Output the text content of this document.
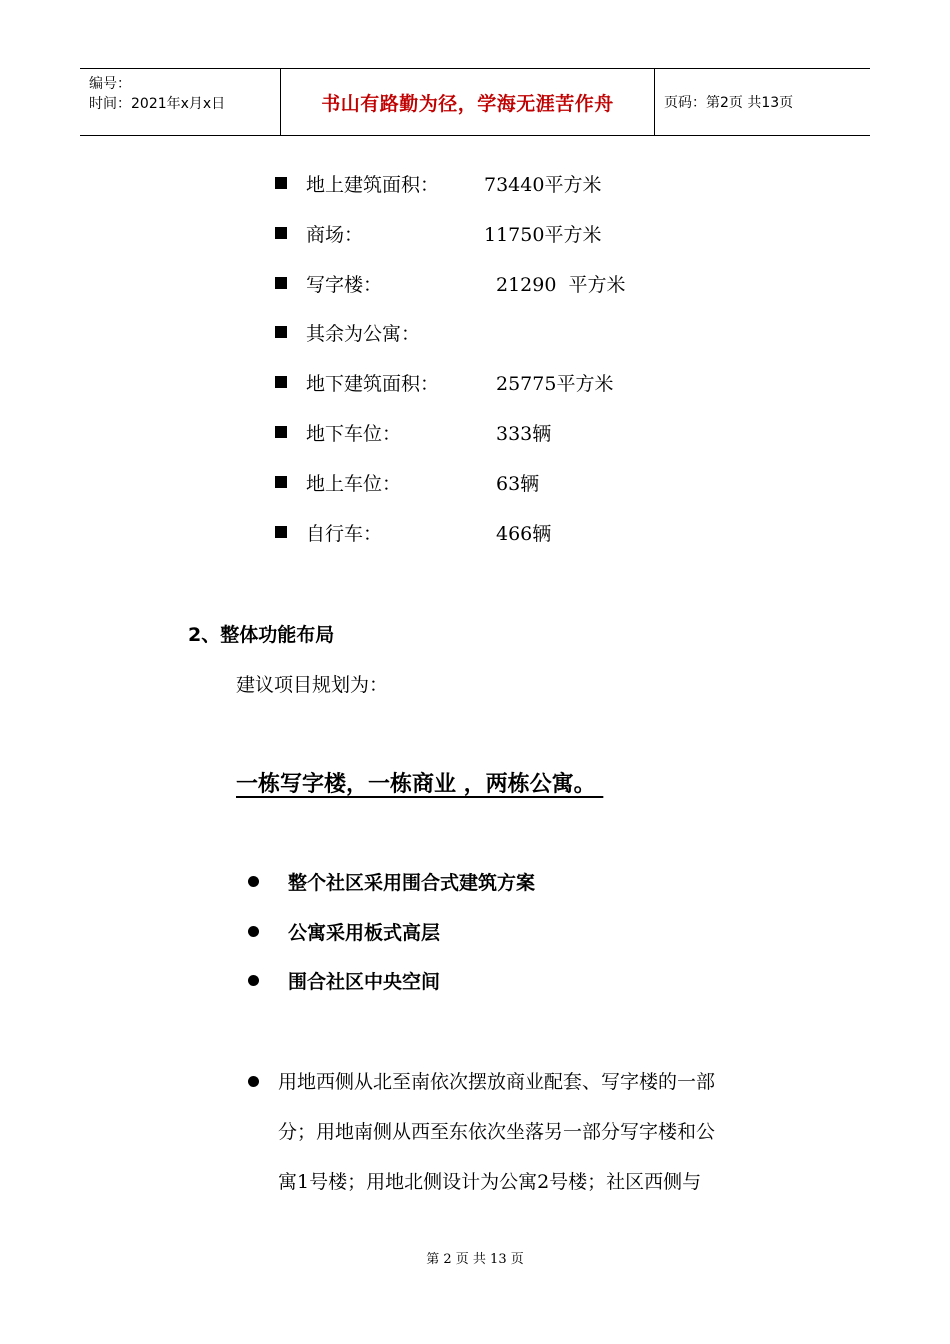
编号：
时间：2021年x月x日	书山有路勤为径，学海无涯苦作舟	页码：第2页 共13页
地上建筑面积： 73440平方米
商场：	11750平方米
写字楼：	21290  平方米
其余为公寓：
地下建筑面积：	25775平方米
地下车位：	333辆
地上车位：	63辆
自行车：	466辆
2、整体功能布局
建议项目规划为：
一栋写字楼，一栋商业 ，两栋公寓。
整个社区采用围合式建筑方案
公寓采用板式高层
围合社区中央空间
用地西侧从北至南依次摆放商业配套、写字楼的一部
分；用地南侧从西至东依次坐落另一部分写字楼和公
寓1号楼；用地北侧设计为公寓2号楼；社区西侧与
第 2 页 共 13 页
